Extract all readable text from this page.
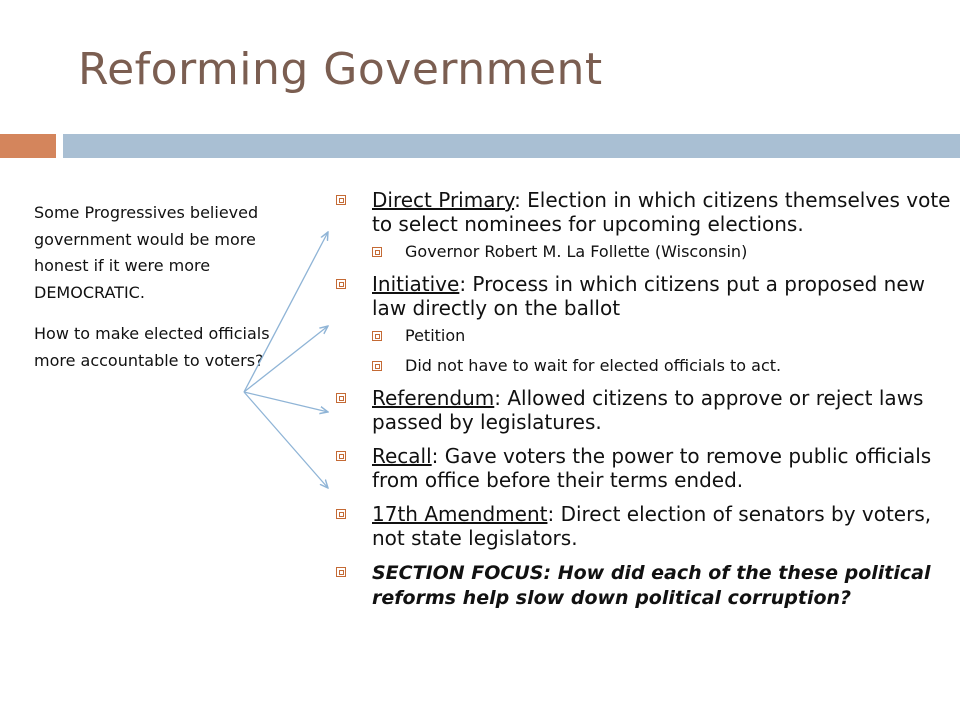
Reforming Government

Some Progressives believed government would be more honest if it were more DEMOCRATIC.

How to make elected officials more accountable to voters?

Direct Primary: Election in which citizens themselves vote to select nominees for upcoming elections.
Governor Robert M. La Follette (Wisconsin)
Initiative: Process in which citizens put a proposed new law directly on the ballot
Petition
Did not have to wait for elected officials to act.
Referendum: Allowed citizens to approve or reject laws passed by legislatures.
Recall: Gave voters the power to remove public officials from office before their terms ended.
17th Amendment: Direct election of senators by voters, not state legislators.
SECTION FOCUS: How did each of the these political reforms help slow down political corruption?
